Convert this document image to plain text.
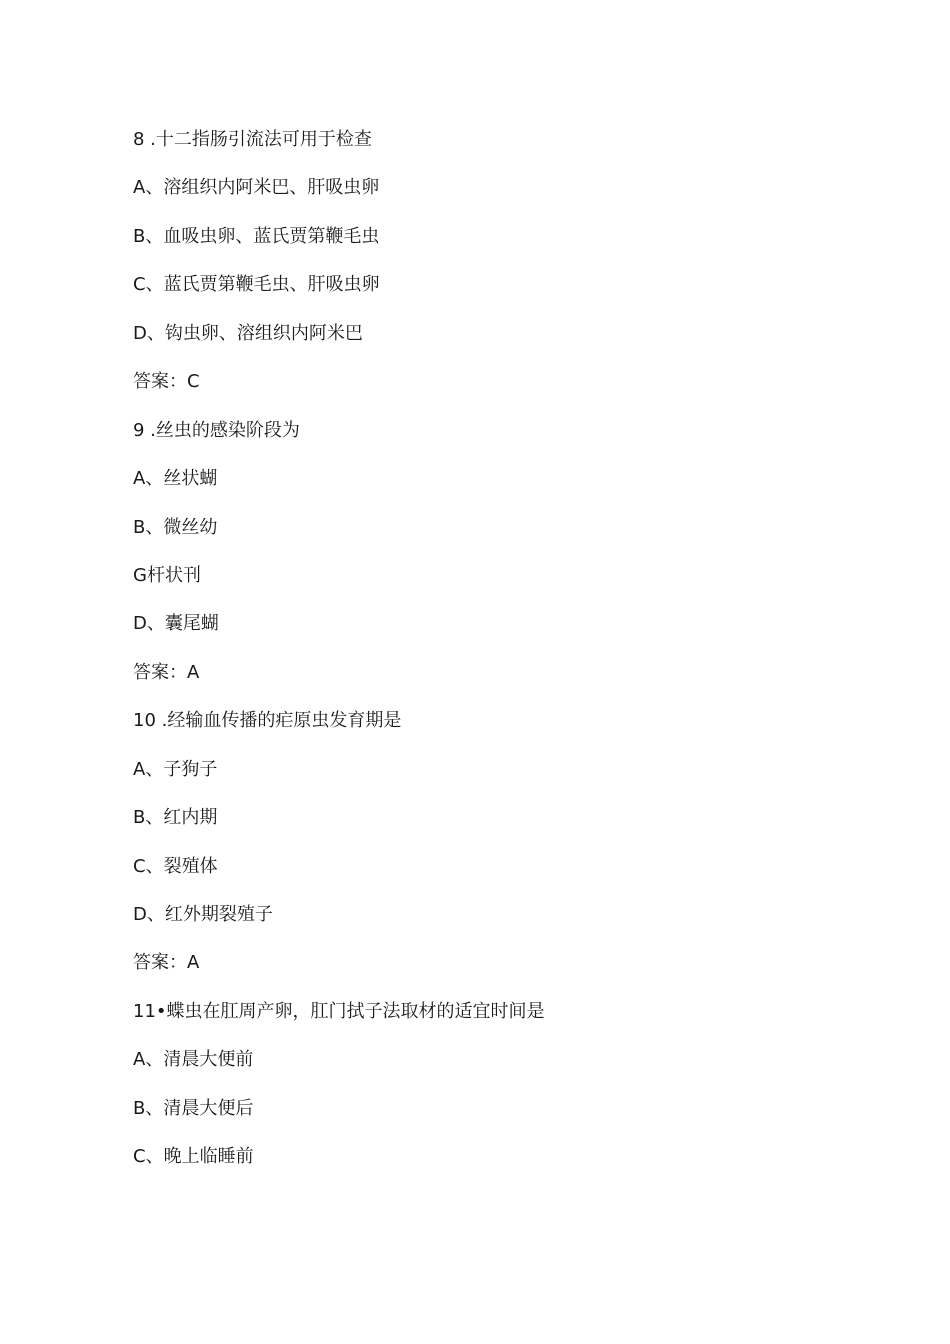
8 .十二指肠引流法可用于检查
A、溶组织内阿米巴、肝吸虫卵
B、血吸虫卵、蓝氏贾第鞭毛虫
C、蓝氏贾第鞭毛虫、肝吸虫卵
D、钩虫卵、溶组织内阿米巴
答案：C
9 .丝虫的感染阶段为
A、丝状蝴
B、微丝幼
G杆状刊
D、囊尾蝴
答案：A
10 .经输血传播的疟原虫发育期是
A、子狗子
B、红内期
C、裂殖体
D、红外期裂殖子
答案：A
11•蝶虫在肛周产卵，肛门拭子法取材的适宜时间是
A、清晨大便前
B、清晨大便后
C、晚上临睡前
